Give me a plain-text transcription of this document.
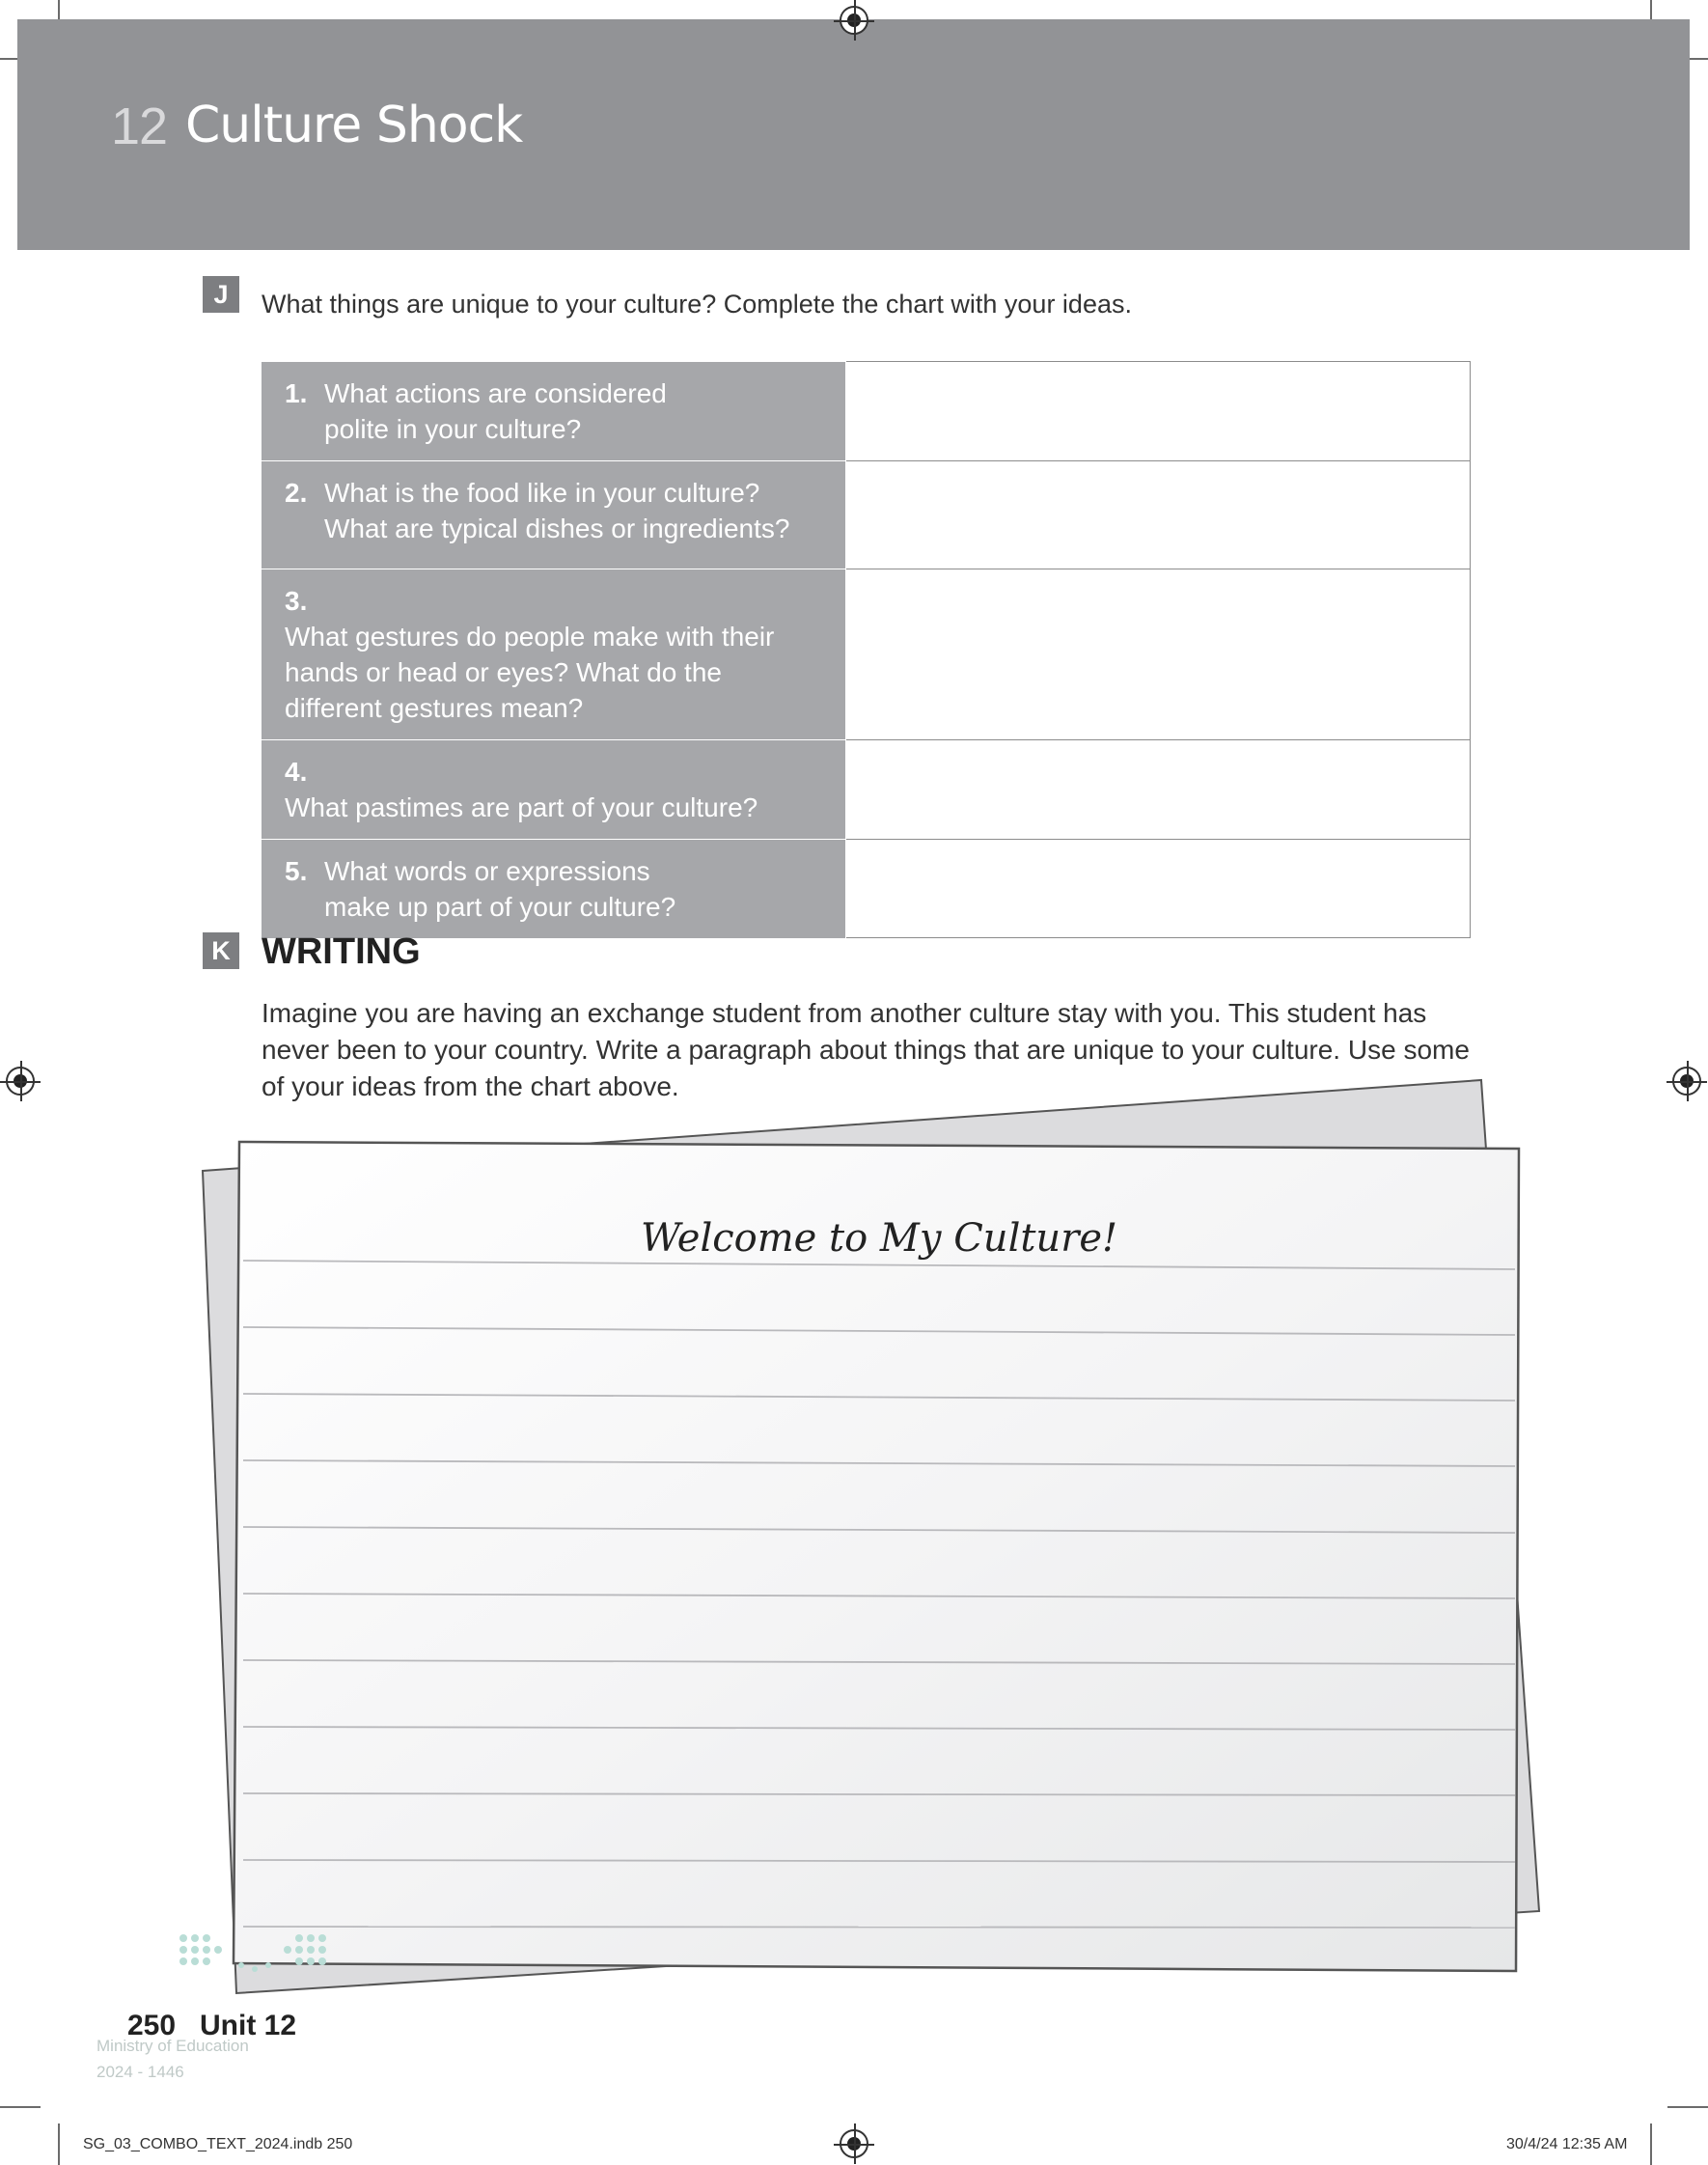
12 Culture Shock
J	What things are unique to your culture? Complete the chart with your ideas.
1. What actions are considered polite in your culture?	
2. What is the food like in your culture? What are typical dishes or ingredients?	
3.What gestures do people make with their hands or head or eyes? What do the different gestures mean?	
4.What pastimes are part of your culture?	
5. What words or expressions make up part of your culture?	
K WRITING
Imagine you are having an exchange student from another culture stay with you. This student has never been to your country. Write a paragraph about things that are unique to your culture. Use some of your ideas from the chart above.
Welcome to My Culture!
250 Unit 12
Ministry of Education
2024 - 1446
SG_03_COMBO_TEXT_2024.indb 250	30/4/24 12:35 AM
